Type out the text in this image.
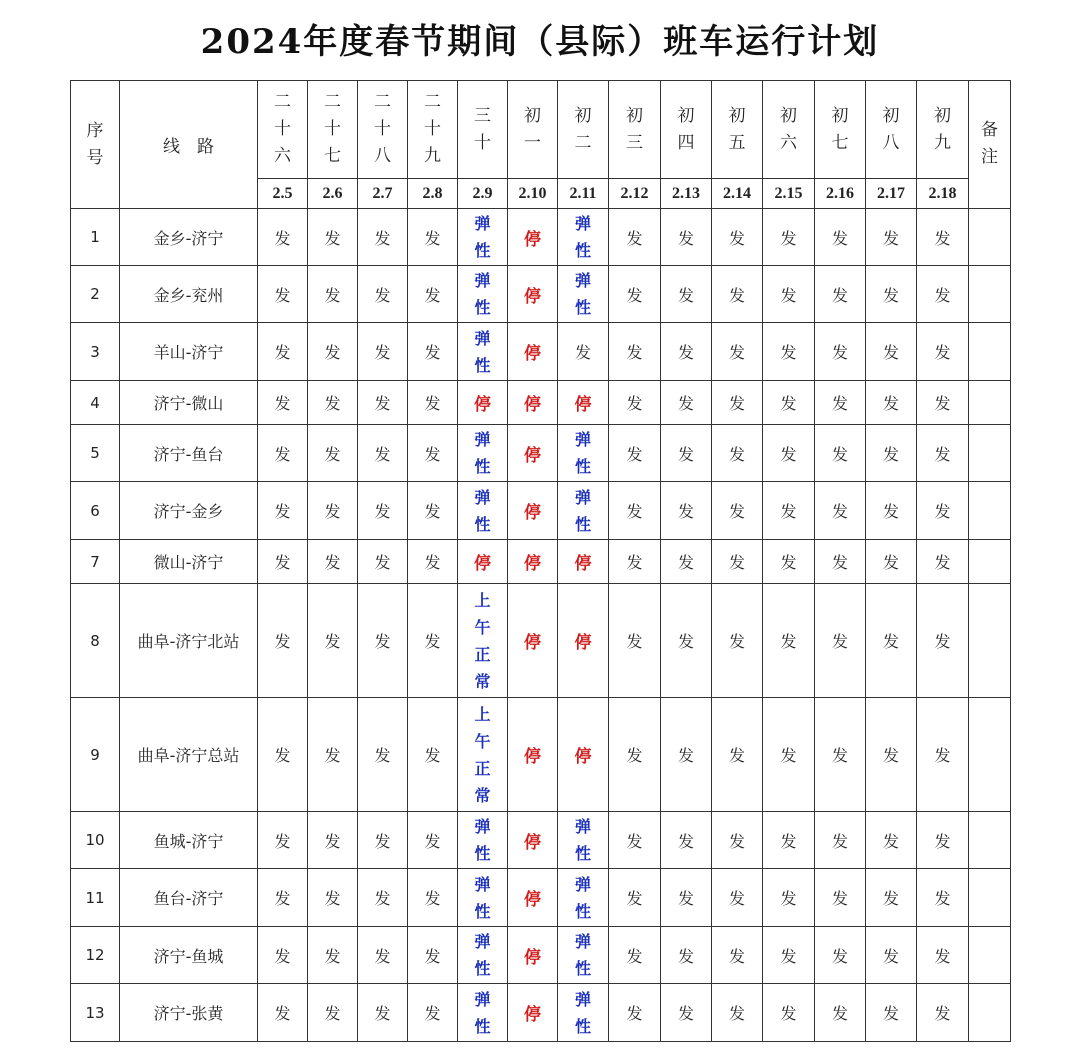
2024年度春节期间（县际）班车运行计划
序号	线　路	二十六	二十七	二十八	二十九	三十	初一	初二	初三	初四	初五	初六	初七	初八	初九	备注
		2.5	2.6	2.7	2.8	2.9	2.10	2.11	2.12	2.13	2.14	2.15	2.16	2.17	2.18	
1	金乡-济宁	发	发	发	发	弹性	停	弹性	发	发	发	发	发	发	发	
2	金乡-兖州	发	发	发	发	弹性	停	弹性	发	发	发	发	发	发	发	
3	羊山-济宁	发	发	发	发	弹性	停	发	发	发	发	发	发	发	发	
4	济宁-微山	发	发	发	发	停	停	停	发	发	发	发	发	发	发	
5	济宁-鱼台	发	发	发	发	弹性	停	弹性	发	发	发	发	发	发	发	
6	济宁-金乡	发	发	发	发	弹性	停	弹性	发	发	发	发	发	发	发	
7	微山-济宁	发	发	发	发	停	停	停	发	发	发	发	发	发	发	
8	曲阜-济宁北站	发	发	发	发	上午正常	停	停	发	发	发	发	发	发	发	
9	曲阜-济宁总站	发	发	发	发	上午正常	停	停	发	发	发	发	发	发	发	
10	鱼城-济宁	发	发	发	发	弹性	停	弹性	发	发	发	发	发	发	发	
11	鱼台-济宁	发	发	发	发	弹性	停	弹性	发	发	发	发	发	发	发	
12	济宁-鱼城	发	发	发	发	弹性	停	弹性	发	发	发	发	发	发	发	
13	济宁-张黄	发	发	发	发	弹性	停	弹性	发	发	发	发	发	发	发	
